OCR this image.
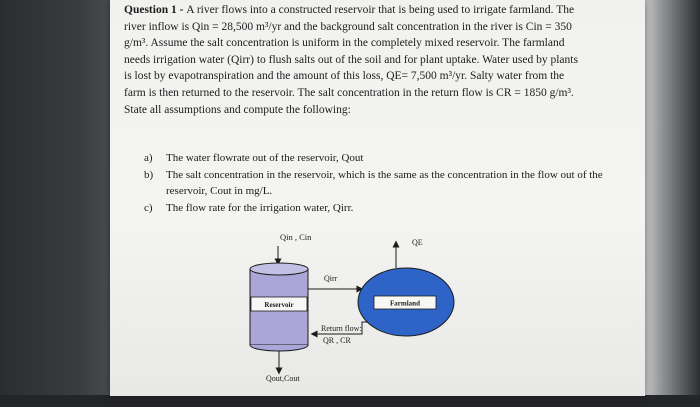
Question 1 - A river flows into a constructed reservoir that is being used to irrigate farmland. The

river inflow is Qin = 28,500 m³/yr and the background salt concentration in the river is Cin = 350

g/m³. Assume the salt concentration is uniform in the completely mixed reservoir. The farmland

needs irrigation water (Qirr) to flush salts out of the soil and for plant uptake. Water used by plants

is lost by evapotranspiration and the amount of this loss, QE= 7,500 m³/yr. Salty water from the

farm is then returned to the reservoir. The salt concentration in the return flow is CR = 1850 g/m³.

State all assumptions and compute the following:

a) The water flowrate out of the reservoir, Qout
b) The salt concentration in the reservoir, which is the same as the concentration in the flow out of the reservoir, Cout in mg/L.
c) The flow rate for the irrigation water, Qirr.
Qin , Cin
Reservoir
Qirr
Farmland
QE
Return flow:
QR , CR
Qout,Cout
